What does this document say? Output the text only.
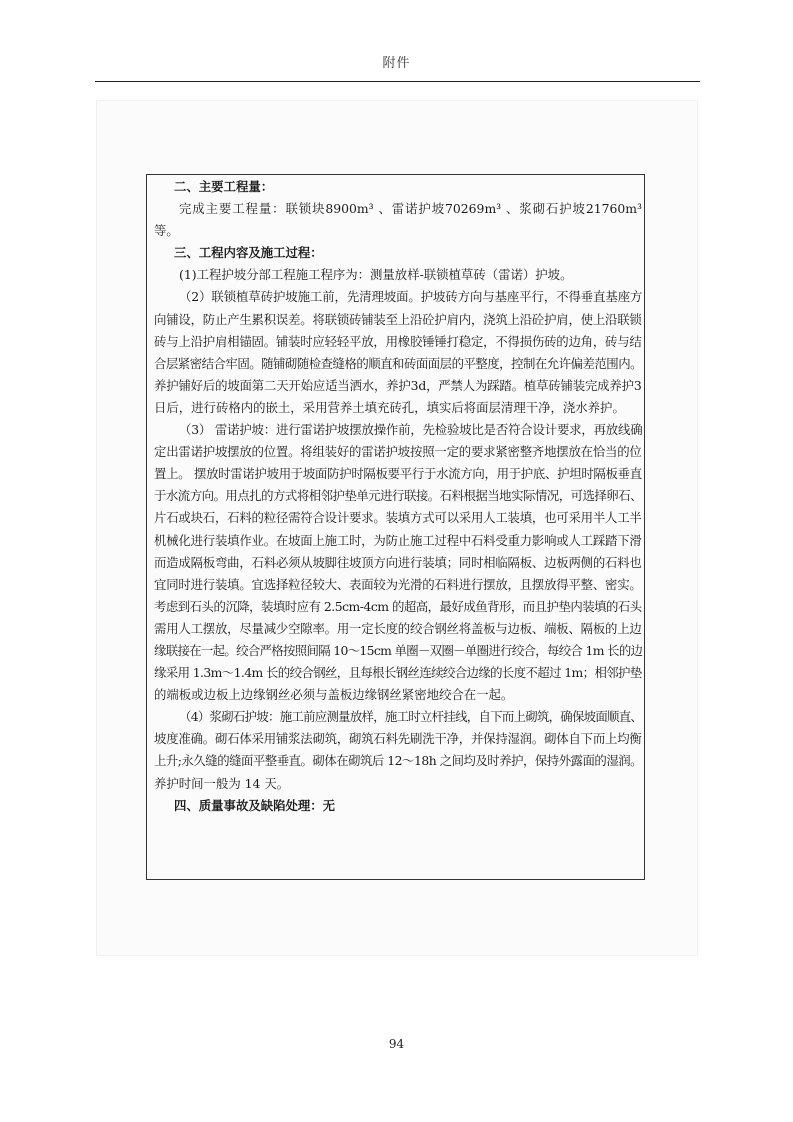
附件

二、主要工程量：

完成主要工程量：联锁块8900m³ 、雷诺护坡70269m³ 、浆砌石护坡21760m³ 等。

三、工程内容及施工过程：

(1)工程护坡分部工程施工程序为：测量放样-联锁植草砖（雷诺）护坡。

（2）联锁植草砖护坡施工前，先清理坡面。护坡砖方向与基座平行，不得垂直基座方
向铺设，防止产生累积误差。将联锁砖铺装至上沿砼护肩内，浇筑上沿砼护肩，使上沿联锁
砖与上沿护肩相锚固。铺装时应轻轻平放，用橡胶锤锤打稳定，不得损伤砖的边角，砖与结
合层紧密结合牢固。随铺砌随检查缝格的顺直和砖面面层的平整度，控制在允许偏差范围内。
养护铺好后的坡面第二天开始应适当洒水，养护3d，严禁人为踩踏。植草砖铺装完成养护3
日后，进行砖格内的嵌土，采用营养土填充砖孔，填实后将面层清理干净，浇水养护。
（3） 雷诺护坡：进行雷诺护坡摆放操作前，先检验坡比是否符合设计要求，再放线确
定出雷诺护坡摆放的位置。将组装好的雷诺护坡按照一定的要求紧密整齐地摆放在恰当的位
置上。 摆放时雷诺护坡用于坡面防护时隔板要平行于水流方向，用于护底、护坦时隔板垂直
于水流方向。用点扎的方式将相邻护垫单元进行联接。石料根据当地实际情况，可选择卵石、
片石或块石，石料的粒径需符合设计要求。装填方式可以采用人工装填，也可采用半人工半
机械化进行装填作业。在坡面上施工时，为防止施工过程中石料受重力影响或人工踩踏下滑
而造成隔板弯曲，石料必须从坡脚往坡顶方向进行装填；同时相临隔板、边板两侧的石料也
宜同时进行装填。宜选择粒径较大、表面较为光滑的石料进行摆放，且摆放得平整、密实。
考虑到石头的沉降，装填时应有 2.5cm-4cm 的超高，最好成鱼背形，而且护垫内装填的石头
需用人工摆放，尽量减少空隙率。用一定长度的绞合钢丝将盖板与边板、端板、隔板的上边
缘联接在一起。绞合严格按照间隔 10～15cm 单圈－双圈－单圈进行绞合，每绞合 1m 长的边
缘采用 1.3m～1.4m 长的绞合钢丝，且每根长钢丝连续绞合边缘的长度不超过 1m；相邻护垫
的端板或边板上边缘钢丝必须与盖板边缘钢丝紧密地绞合在一起。
（4）浆砌石护坡：施工前应测量放样，施工时立杆挂线，自下而上砌筑，确保坡面顺直、
坡度准确。砌石体采用铺浆法砌筑，砌筑石料先刷洗干净，并保持湿润。砌体自下而上均衡
上升;永久缝的缝面平整垂直。砌体在砌筑后 12～18h 之间均及时养护，保持外露面的湿润。
养护时间一般为 14 天。

四、质量事故及缺陷处理：无

94
